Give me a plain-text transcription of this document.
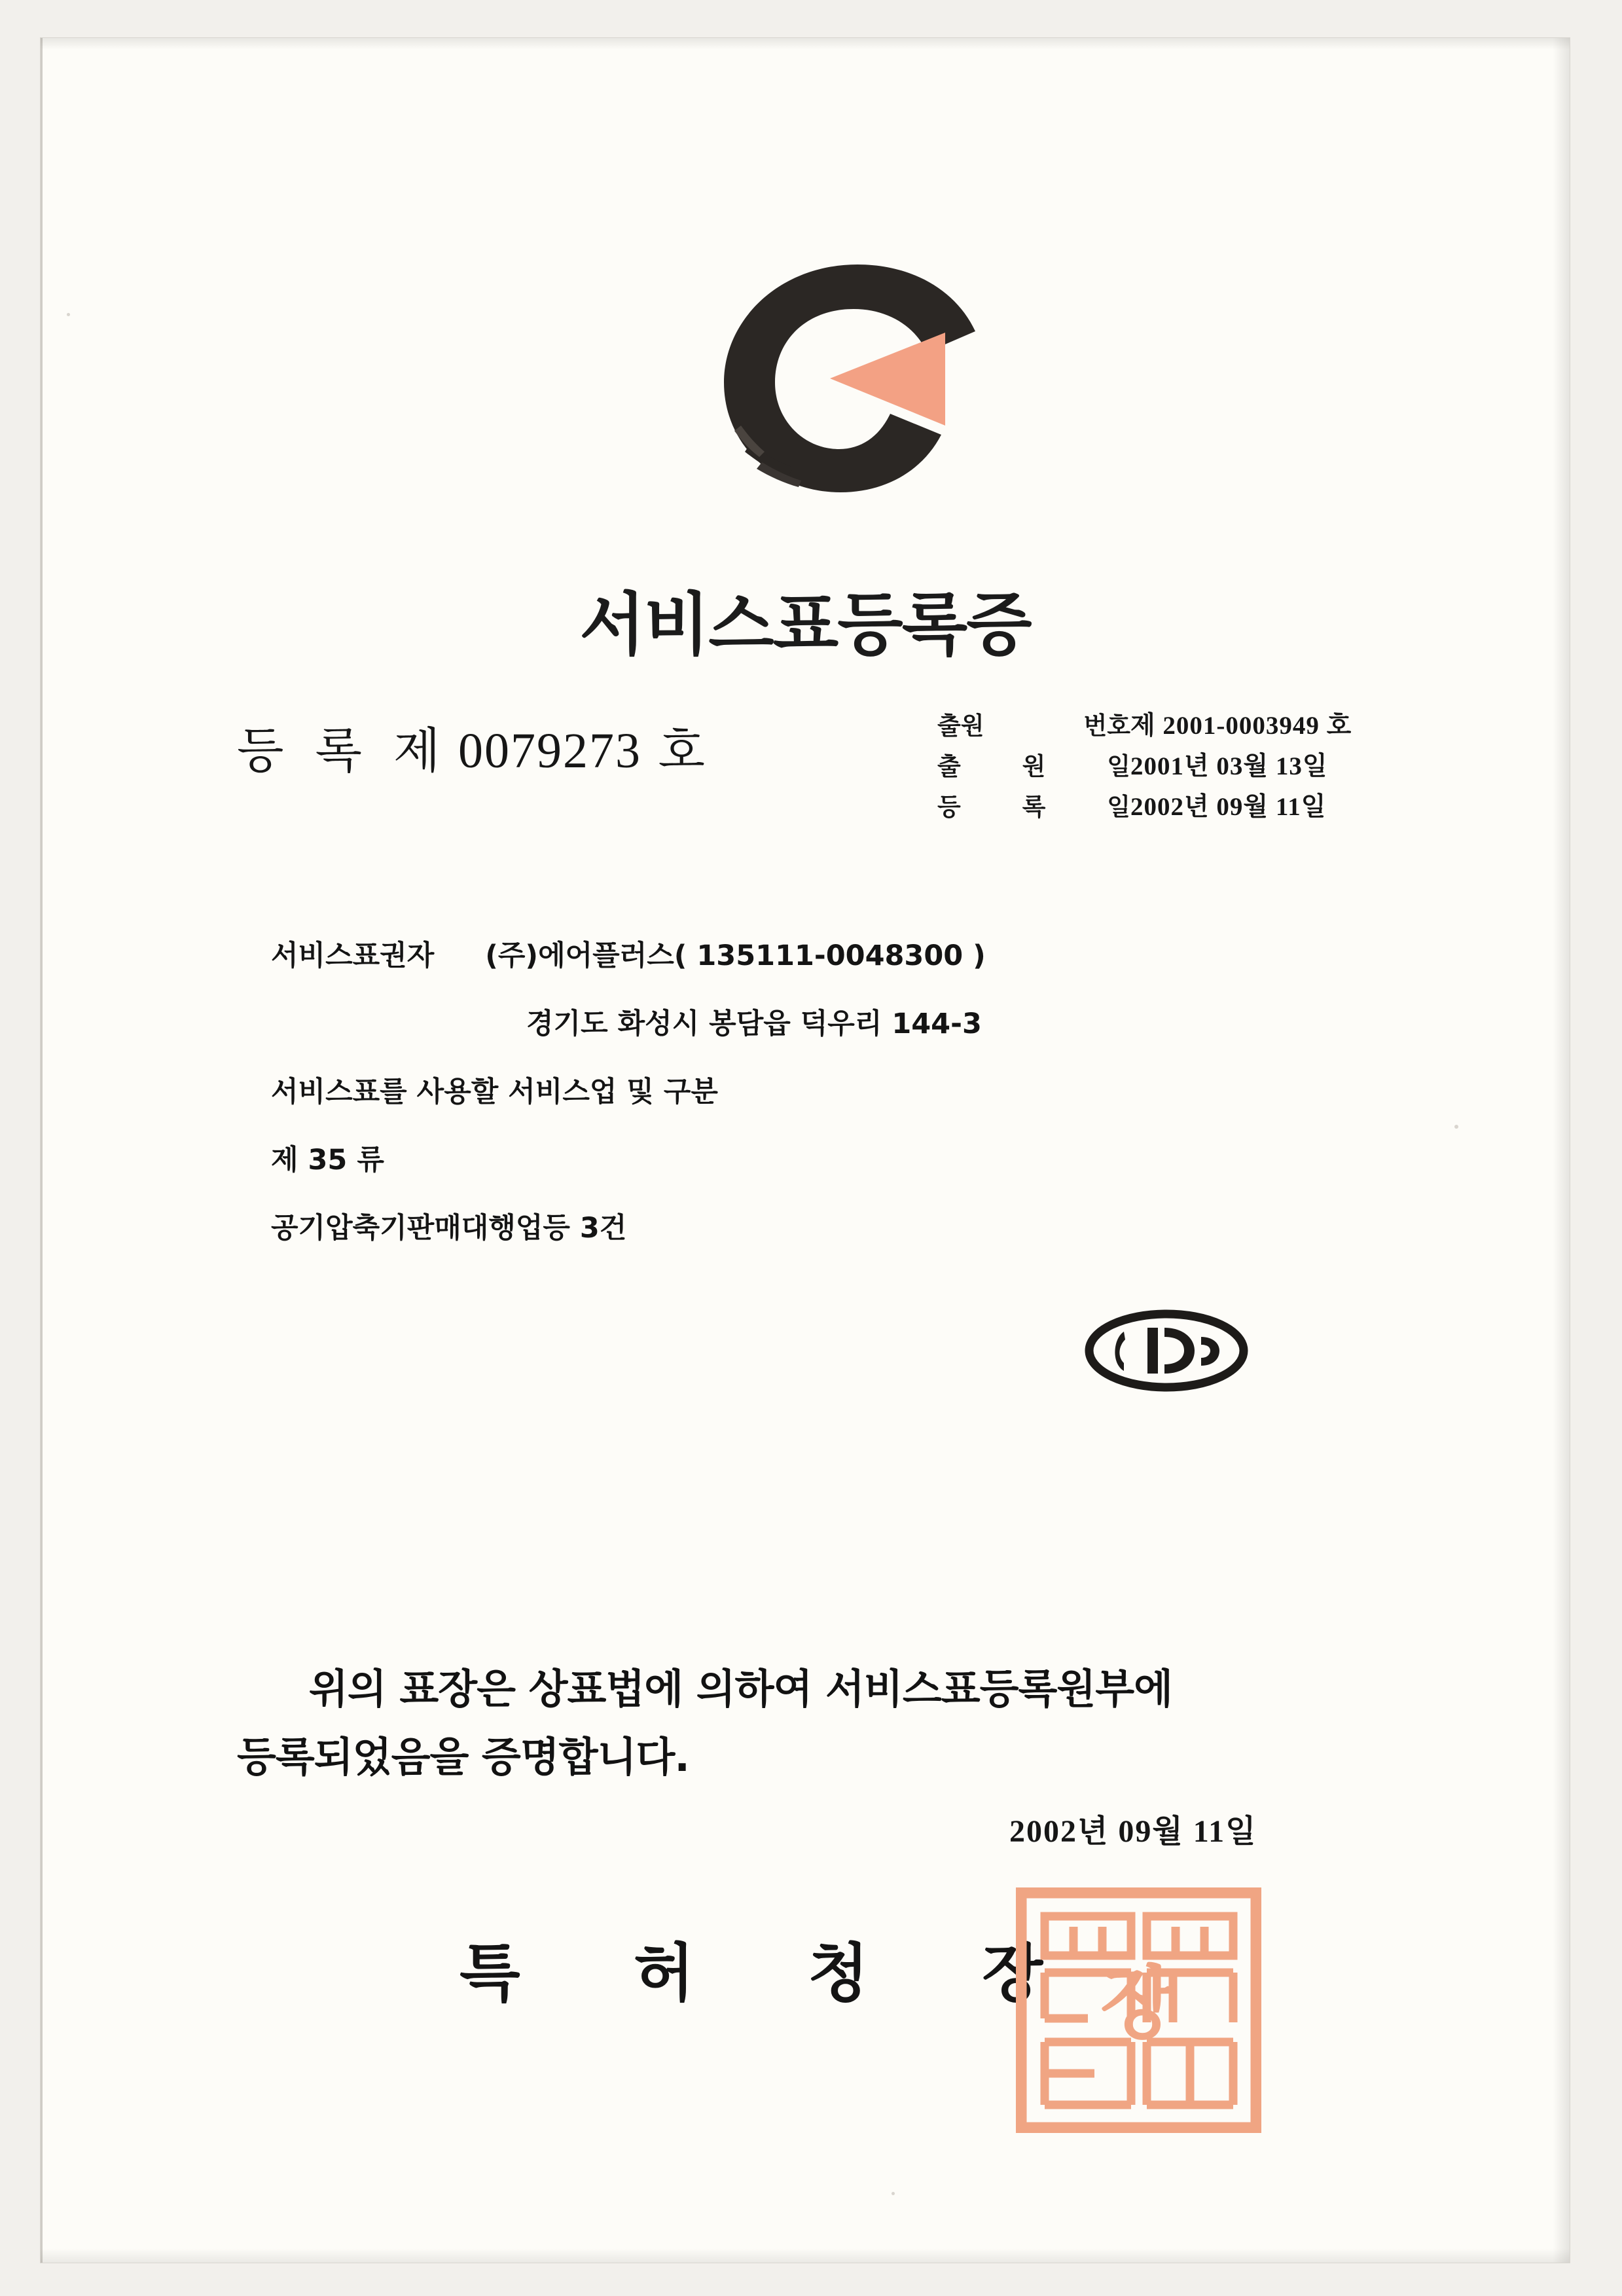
서비스표등록증
등 록 제 0079273 호	출원	번호 제 2001-0003949 호
출	원	일 2001년 03월 13일
등	록	일 2002년 09월 11일
서비스표권자 (주)에어플러스( 135111-0048300 )
경기도 화성시 봉담읍 덕우리 144-3
서비스표를 사용할 서비스업 및 구분
제 35 류
공기압축기판매대행업등 3건
위의 표장은 상표법에 의하여 서비스표등록원부에
등록되었음을 증명합니다.
2002년 09월 11일
특 허 청 장 장
